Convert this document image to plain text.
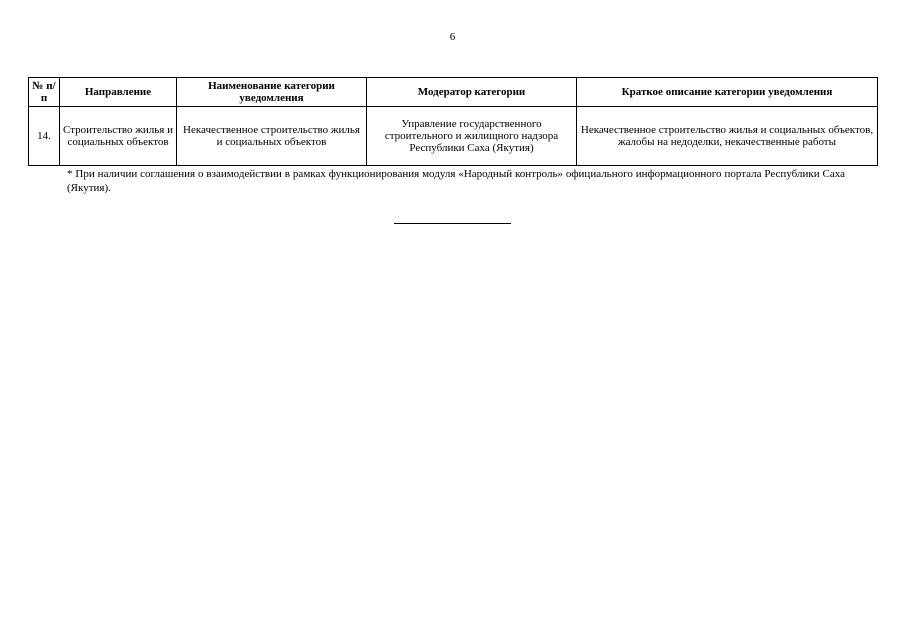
6
№ п/п	Направление	Наименование категории уведомления	Модератор категории	Краткое описание категории уведомления
14.	Строительство жилья и социальных объектов	Некачественное строительство жилья и социальных объектов	Управление государственного строительного и жилищного надзора Республики Саха (Якутия)	Некачественное строительство жилья и социальных объектов, жалобы на недоделки, некачественные работы
* При наличии соглашения о взаимодействии в рамках функционирования модуля «Народный контроль» официального информационного портала Республики Саха (Якутия).
